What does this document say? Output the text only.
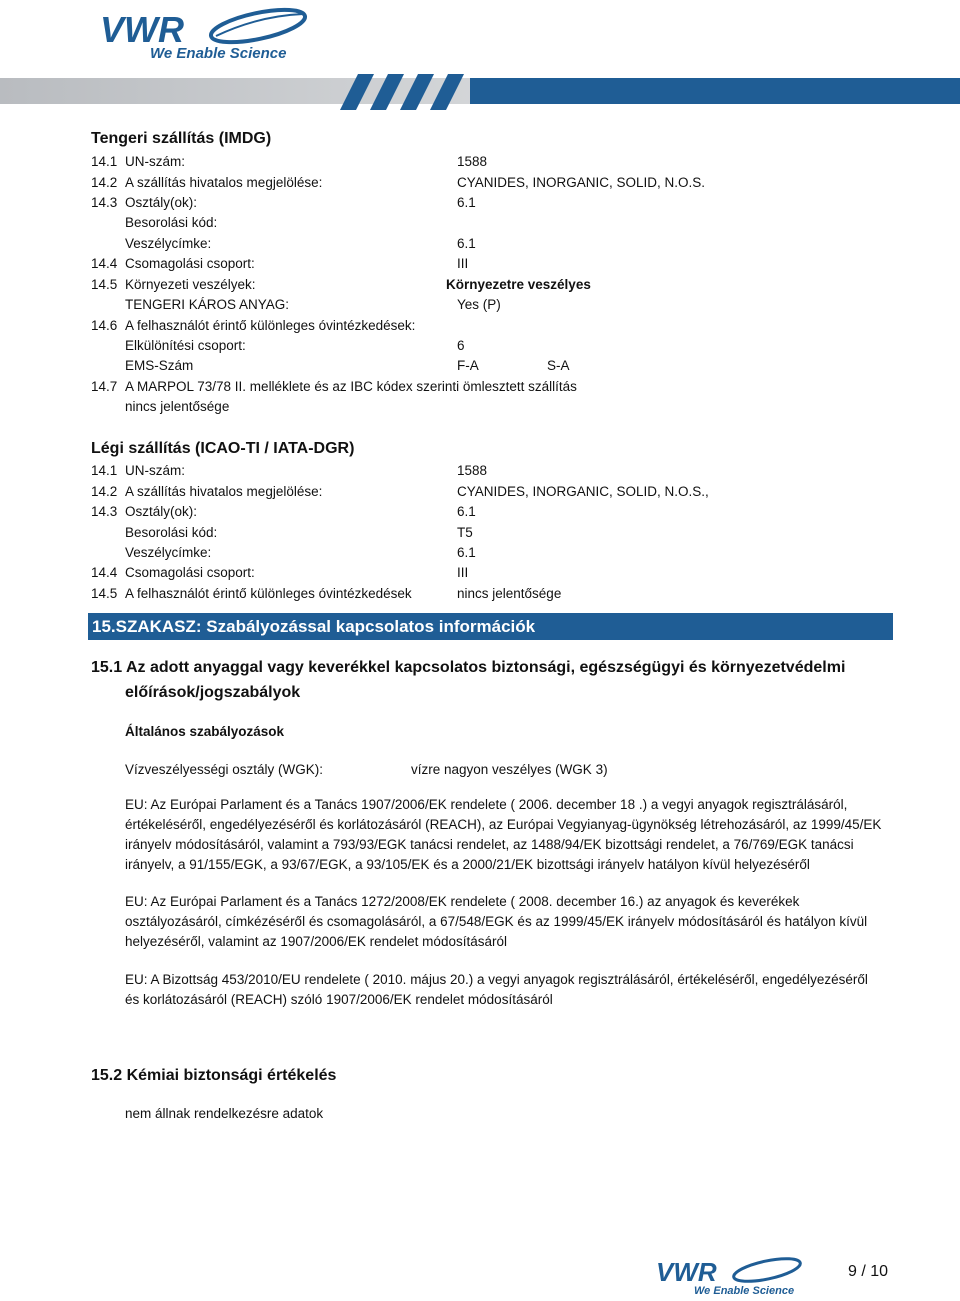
VWR
We Enable Science
Tengeri szállítás (IMDG)
14.1 UN-szám:	1588
14.2 A szállítás hivatalos megjelölése:	CYANIDES, INORGANIC, SOLID, N.O.S.
14.3 Osztály(ok):	6.1
Besorolási kód:
Veszélycímke:	6.1
14.4 Csomagolási csoport:	III
14.5 Környezeti veszélyek:	Környezetre veszélyes
TENGERI KÁROS ANYAG:	Yes (P)
14.6 A felhasználót érintő különleges óvintézkedések:
Elkülönítési csoport:	6
EMS-Szám	F-A	S-A
14.7 A MARPOL 73/78 II. melléklete és az IBC kódex szerinti ömlesztett szállítás
nincs jelentősége
Légi szállítás (ICAO-TI / IATA-DGR)
14.1 UN-szám:	1588
14.2 A szállítás hivatalos megjelölése:	CYANIDES, INORGANIC, SOLID, N.O.S.,
14.3 Osztály(ok):	6.1
Besorolási kód:	T5
Veszélycímke:	6.1
14.4 Csomagolási csoport:	III
14.5 A felhasználót érintő különleges óvintézkedések	nincs jelentősége
15.SZAKASZ: Szabályozással kapcsolatos információk
15.1 Az adott anyaggal vagy keverékkel kapcsolatos biztonsági, egészségügyi és környezetvédelmi
előírások/jogszabályok
Általános szabályozások
Vízveszélyességi osztály (WGK):	vízre nagyon veszélyes (WGK 3)
EU: Az Európai Parlament és a Tanács 1907/2006/EK rendelete ( 2006. december 18 .) a vegyi anyagok regisztrálásáról, értékeléséről, engedélyezéséről és korlátozásáról (REACH), az Európai Vegyianyag-ügynökség létrehozásáról, az 1999/45/EK irányelv módosításáról, valamint a 793/93/EGK tanácsi rendelet, az 1488/94/EK bizottsági rendelet, a 76/769/EGK tanácsi irányelv, a 91/155/EGK, a 93/67/EGK, a 93/105/EK és a 2000/21/EK bizottsági irányelv hatályon kívül helyezéséről
EU: Az Európai Parlament és a Tanács 1272/2008/EK rendelete ( 2008. december 16.) az anyagok és keverékek osztályozásáról, címkézéséről és csomagolásáról, a 67/548/EGK és az 1999/45/EK irányelv módosításáról és hatályon kívül helyezéséről, valamint az 1907/2006/EK rendelet módosításáról
EU: A Bizottság 453/2010/EU rendelete ( 2010. május 20.) a vegyi anyagok regisztrálásáról, értékeléséről, engedélyezéséről és korlátozásáról (REACH) szóló 1907/2006/EK rendelet módosításáról
15.2 Kémiai biztonsági értékelés
nem állnak rendelkezésre adatok
VWR
We Enable Science
9 / 10
